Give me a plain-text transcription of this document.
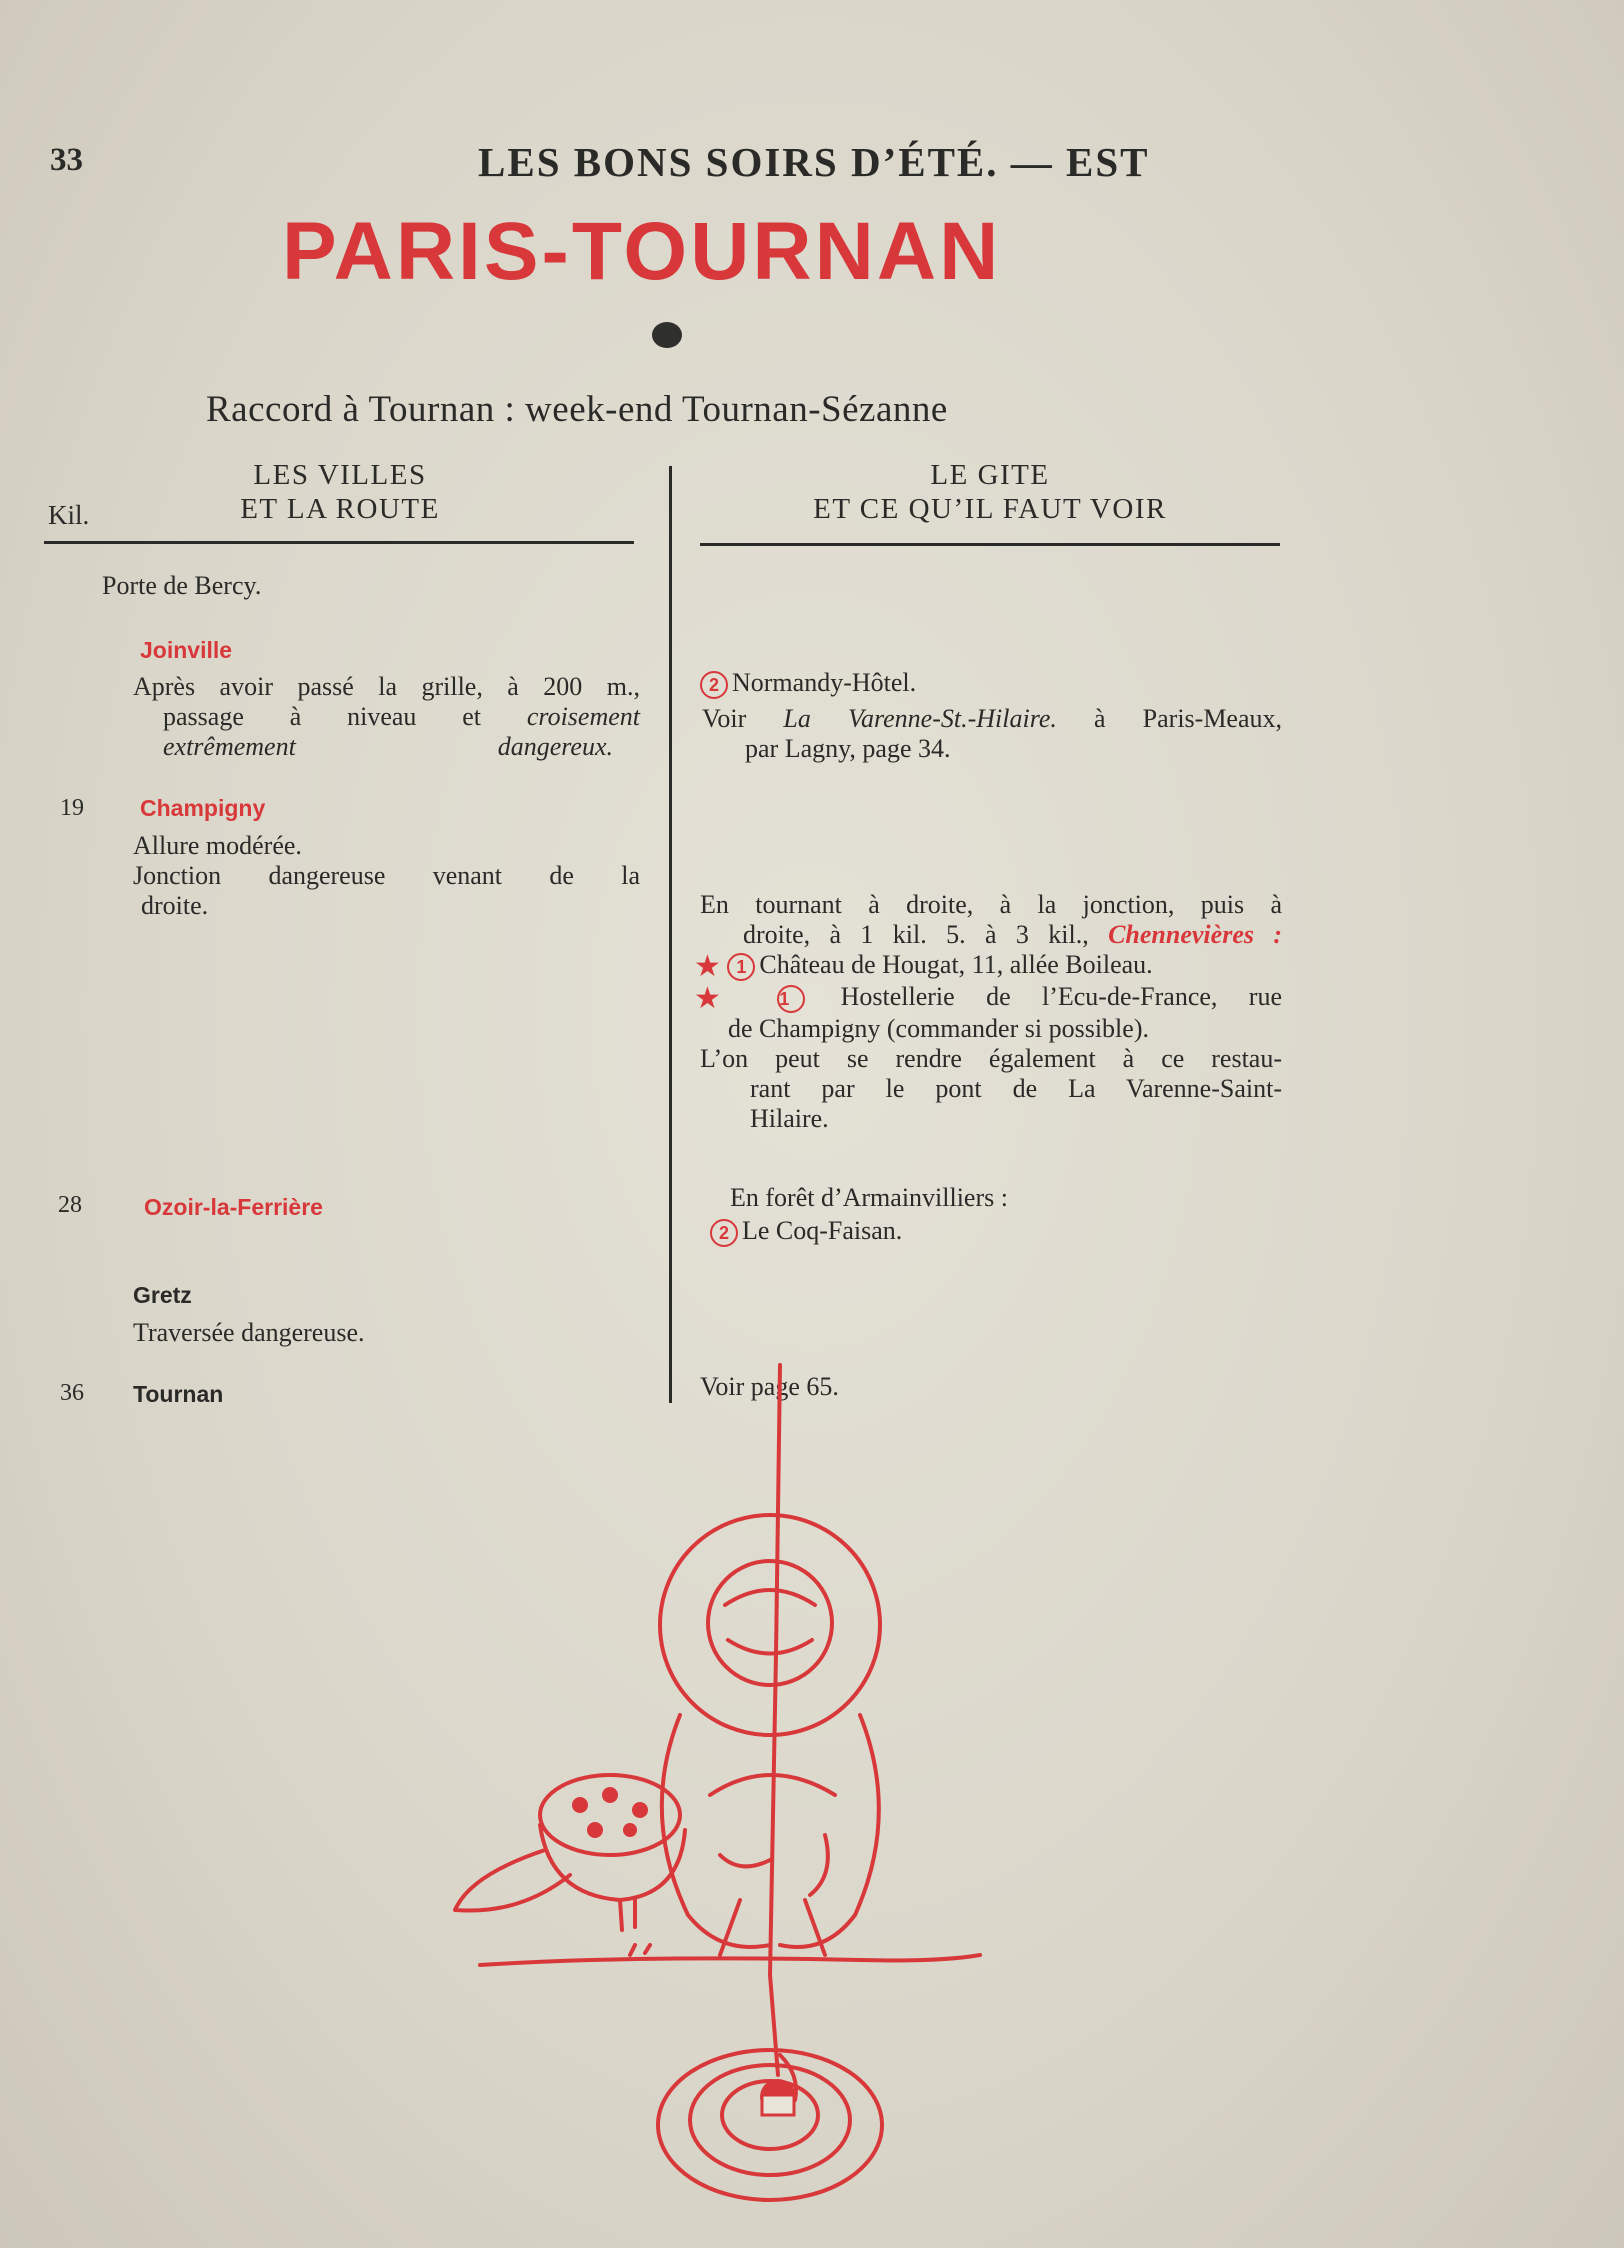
33	LES BONS SOIRS D’ÉTÉ. — EST
PARIS-TOURNAN
Raccord à Tournan : week-end Tournan-Sézanne
LES VILLES
ET LA ROUTE
Kil.
LE GITE
ET CE QU’IL FAUT VOIR
Porte de Bercy.
Joinville
Après avoir passé la grille, à 200 m.,
passage à niveau et croisement
extrêmement dangereux.
19 Champigny
Allure modérée.
Jonction dangereuse venant de la
droite.
28	Ozoir-la-Ferrière
Gretz
Traversée dangereuse.
36 Tournan
2 Normandy-Hôtel.
Voir La Varenne-St.-Hilaire. à Paris-Meaux,
par Lagny, page 34.
En tournant à droite, à la jonction, puis à
droite, à 1 kil. 5. à 3 kil., Chennevières :
★ 1 Château de Hougat, 11, allée Boileau.
★ 1 Hostellerie de l’Ecu-de-France, rue
de Champigny (commander si possible).
L’on peut se rendre également à ce restau-
rant par le pont de La Varenne-Saint-
Hilaire.
En forêt d’Armainvilliers :
2 Le Coq-Faisan.
Voir page 65.
